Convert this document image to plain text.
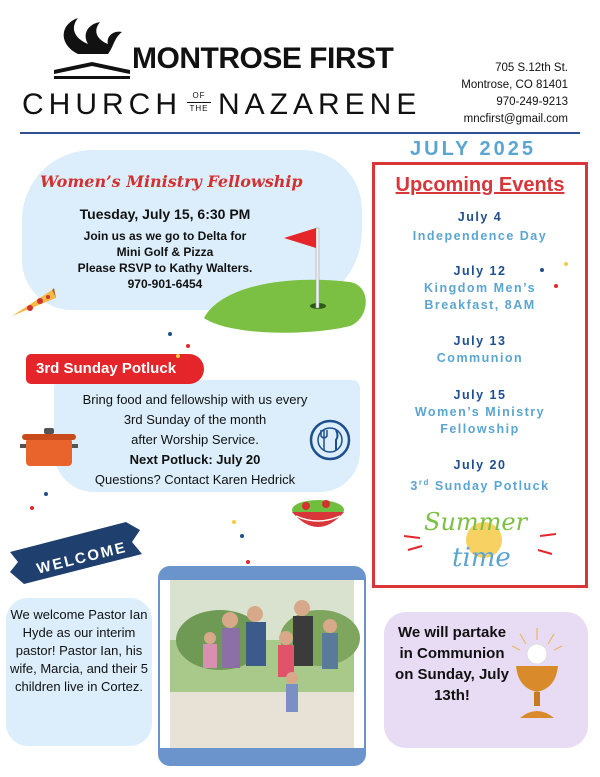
MONTROSE FIRST
CHURCH	OF
THE NAZARENE
705 S.12th St.
Montrose, CO 81401
970-249-9213
mncfirst@gmail.com
JULY 2025
Women’s Ministry Fellowship
Tuesday, July 15, 6:30 PM
Join us as we go to Delta for
Mini Golf & Pizza
Please RSVP to Kathy Walters.
970-901-6454
3rd Sunday Potluck
Bring food and fellowship with us every
3rd Sunday of the month
after Worship Service.
Next Potluck: July 20
Questions? Contact Karen Hedrick
WELCOME
We welcome Pastor Ian Hyde as our interim pastor! Pastor Ian, his wife, Marcia, and their 5 children live in Cortez.
Upcoming Events
July 4
Independence Day
July 12
Kingdom Men’s Breakfast, 8AM
July 13
Communion
July 15
Women’s Ministry Fellowship
July 20
3rd Sunday Potluck
Summer
time
We will partake in Communion on Sunday, July 13th!
